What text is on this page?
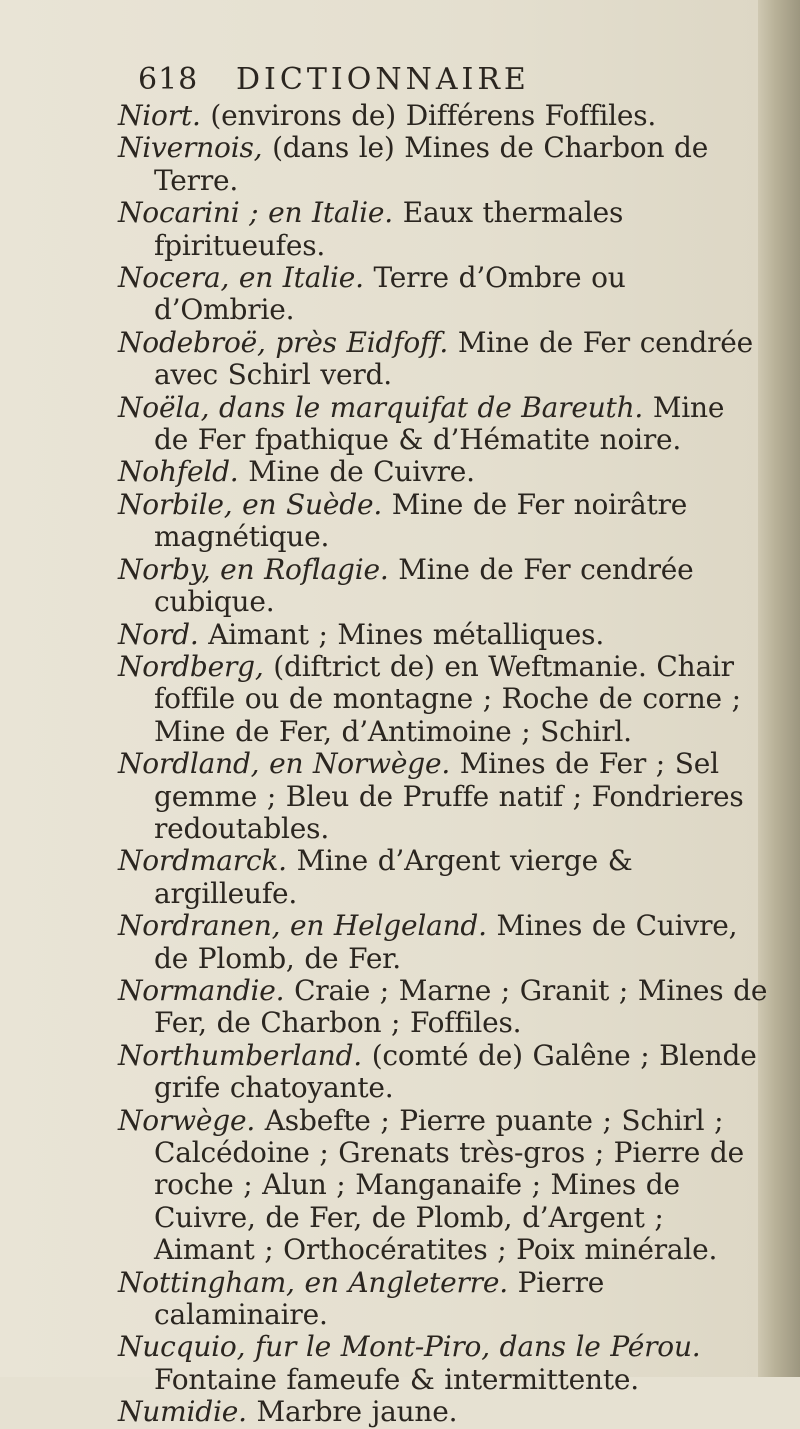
618 DICTIONNAIRE
Niort. (environs de) Différens Foffiles.
Nivernois, (dans le) Mines de Charbon de Terre.
Nocarini ; en Italie. Eaux thermales fpiritueufes.
Nocera, en Italie. Terre d’Ombre ou d’Ombrie.
Nodebroë, près Eidfoff. Mine de Fer cendrée avec Schirl verd.
Noëla, dans le marquifat de Bareuth. Mine de Fer fpathique & d’Hématite noire.
Nohfeld. Mine de Cuivre.
Norbile, en Suède. Mine de Fer noirâtre magnétique.
Norby, en Roflagie. Mine de Fer cendrée cubique.
Nord. Aimant ; Mines métalliques.
Nordberg, (diftrict de) en Weftmanie. Chair foffile ou de montagne ; Roche de corne ; Mine de Fer, d’Antimoine ; Schirl.
Nordland, en Norwège. Mines de Fer ; Sel gemme ; Bleu de Pruffe natif ; Fondrieres redoutables.
Nordmarck. Mine d’Argent vierge & argilleufe.
Nordranen, en Helgeland. Mines de Cuivre, de Plomb, de Fer.
Normandie. Craie ; Marne ; Granit ; Mines de Fer, de Charbon ; Foffiles.
Northumberland. (comté de) Galêne ; Blende grife chatoyante.
Norwège. Asbefte ; Pierre puante ; Schirl ; Calcédoine ; Grenats très-gros ; Pierre de roche ; Alun ; Manganaife ; Mines de Cuivre, de Fer, de Plomb, d’Argent ; Aimant ; Orthocératites ; Poix minérale.
Nottingham, en Angleterre. Pierre calaminaire.
Nucquio, fur le Mont-Piro, dans le Pérou. Fontaine fameufe & intermittente.
Numidie. Marbre jaune.
